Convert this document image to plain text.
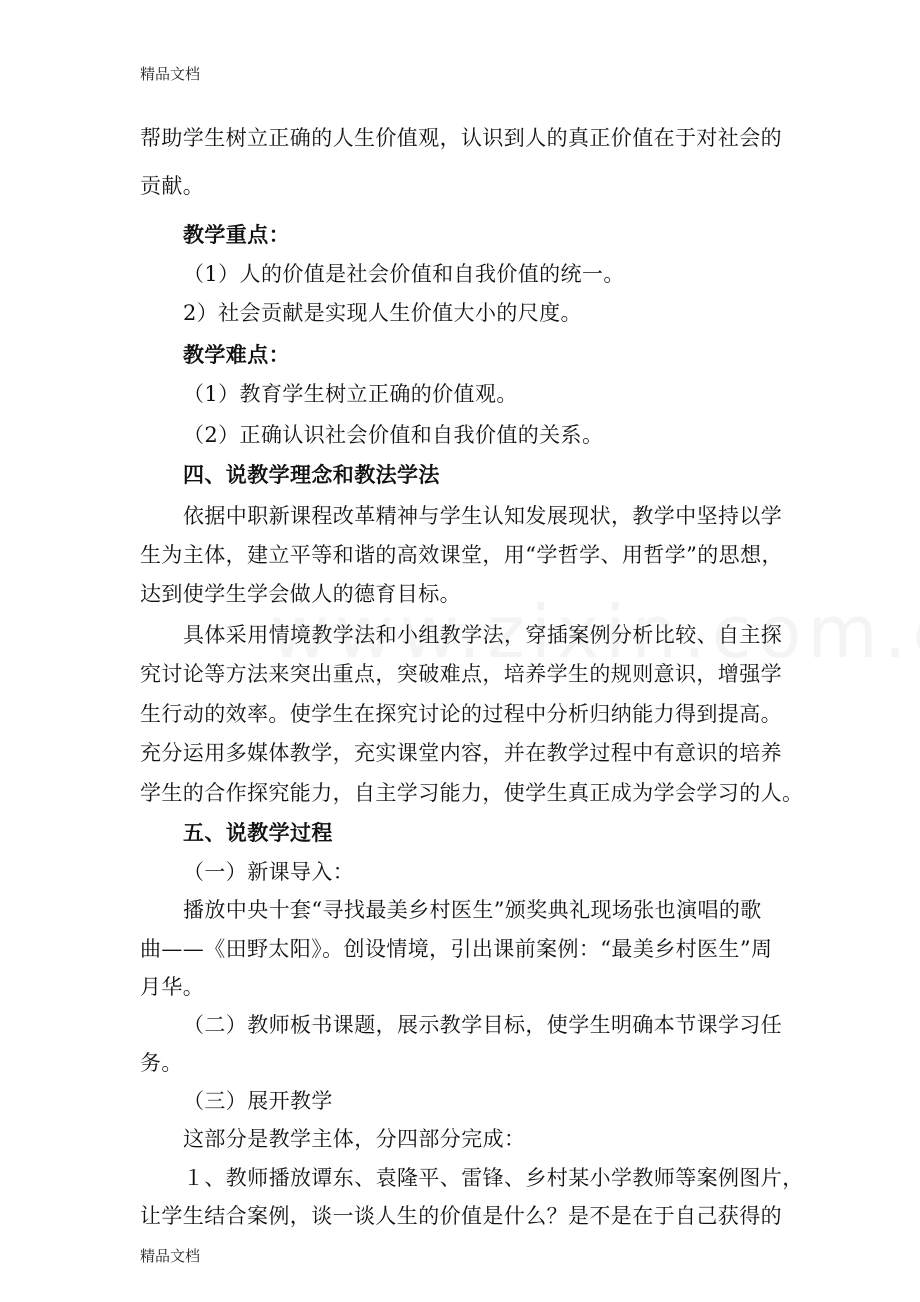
精品文档
帮助学生树立正确的人生价值观，认识到人的真正价值在于对社会的
贡献。
教学重点：
（1）人的价值是社会价值和自我价值的统一。
2）社会贡献是实现人生价值大小的尺度。
教学难点：
（1）教育学生树立正确的价值观。
（2）正确认识社会价值和自我价值的关系。
四、说教学理念和教法学法
依据中职新课程改革精神与学生认知发展现状，教学中坚持以学
生为主体，建立平等和谐的高效课堂，用“学哲学、用哲学”的思想，
达到使学生学会做人的德育目标。
具体采用情境教学法和小组教学法，穿插案例分析比较、自主探
究讨论等方法来突出重点，突破难点，培养学生的规则意识，增强学
生行动的效率。使学生在探究讨论的过程中分析归纳能力得到提高。
充分运用多媒体教学，充实课堂内容，并在教学过程中有意识的培养
学生的合作探究能力，自主学习能力，使学生真正成为学会学习的人。
五、说教学过程
（一）新课导入：
播放中央十套“寻找最美乡村医生”颁奖典礼现场张也演唱的歌
曲——《田野太阳》。创设情境，引出课前案例：“最美乡村医生”周
月华。
（二）教师板书课题，展示教学目标，使学生明确本节课学习任
务。
（三）展开教学
这部分是教学主体，分四部分完成：
１、教师播放谭东、袁隆平、雷锋、乡村某小学教师等案例图片，
让学生结合案例，谈一谈人生的价值是什么？是不是在于自己获得的
精品文档
